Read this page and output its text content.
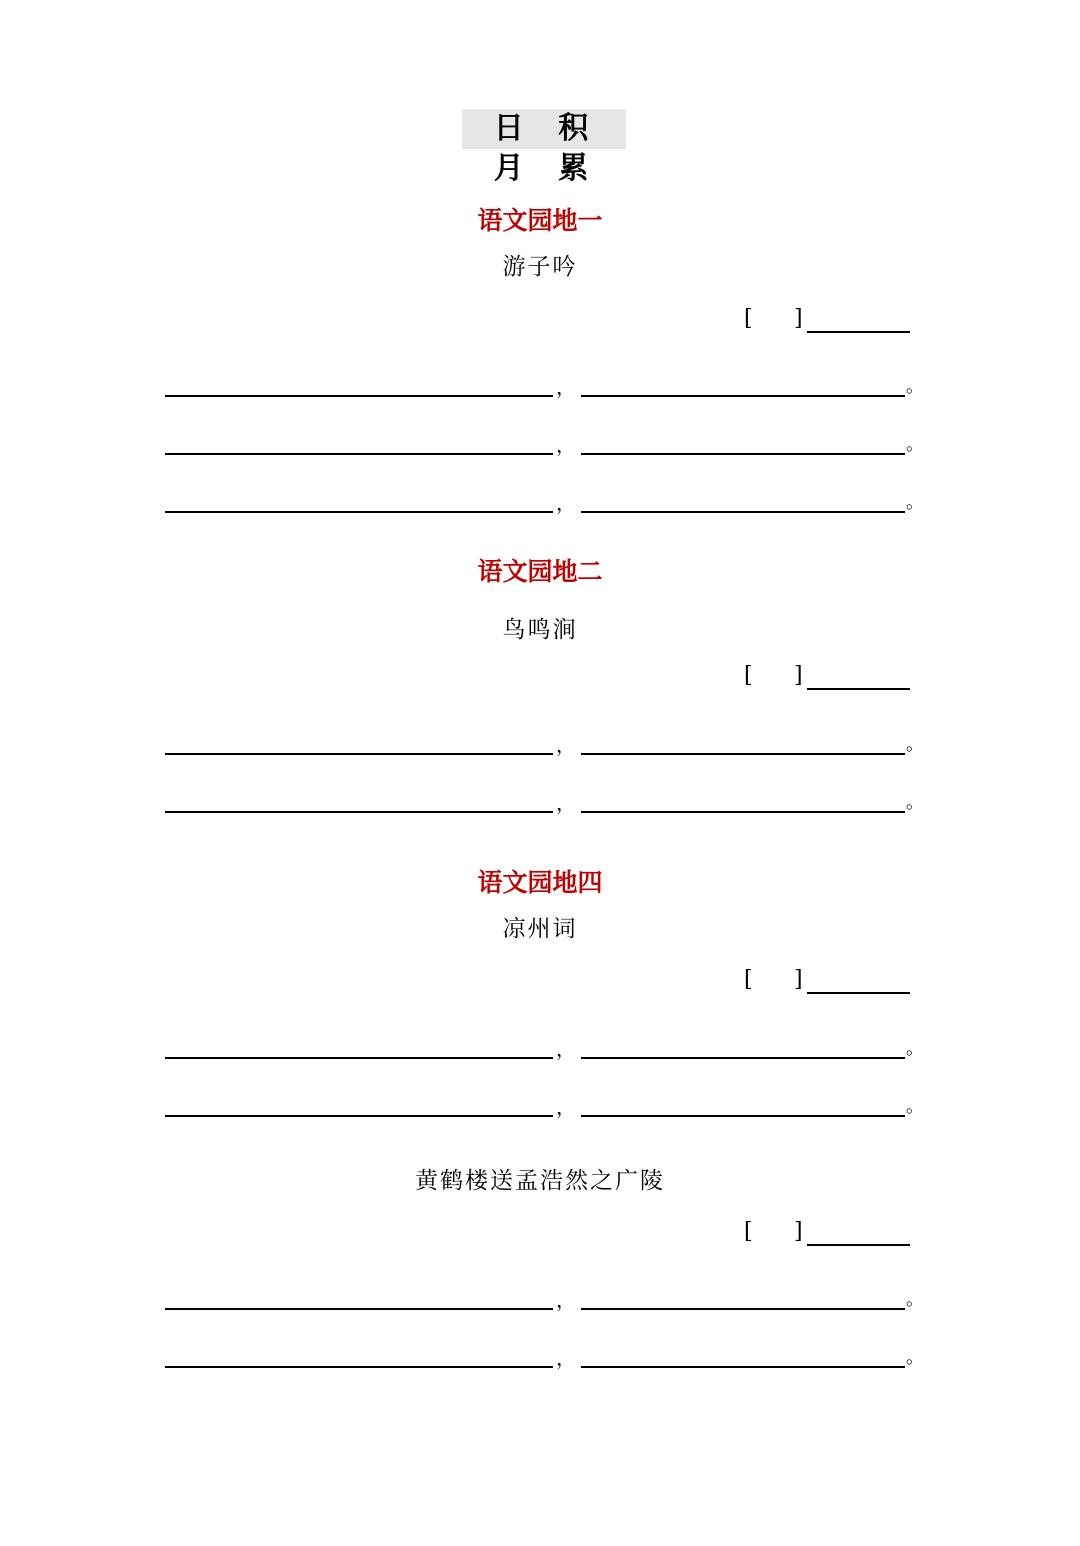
日 积 月 累
语文园地一
游子吟
[ ]
，	。
，	。
，	。
语文园地二
鸟鸣涧
[ ]
，	。
，	。
语文园地四
凉州词
[ ]
，	。
，	。
黄鹤楼送孟浩然之广陵
[ ]
，	。
，	。
